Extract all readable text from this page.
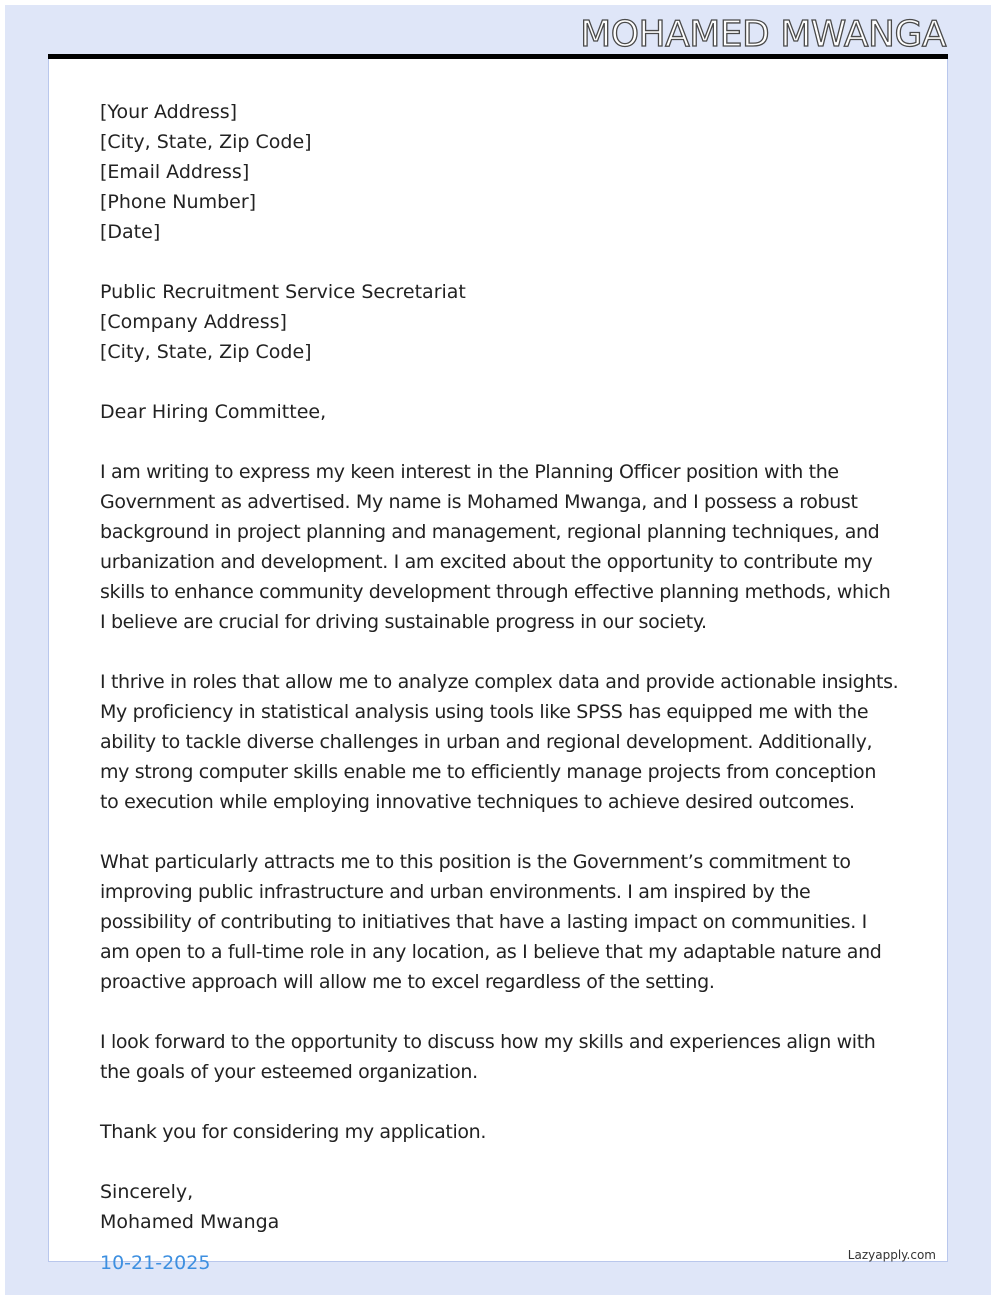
MOHAMED MWANGA
[Your Address]
[City, State, Zip Code]
[Email Address]
[Phone Number]
[Date]
Public Recruitment Service Secretariat
[Company Address]
[City, State, Zip Code]
Dear Hiring Committee,
I am writing to express my keen interest in the Planning Officer position with the Government as advertised. My name is Mohamed Mwanga, and I possess a robust background in project planning and management, regional planning techniques, and urbanization and development. I am excited about the opportunity to contribute my skills to enhance community development through effective planning methods, which I believe are crucial for driving sustainable progress in our society.
I thrive in roles that allow me to analyze complex data and provide actionable insights. My proficiency in statistical analysis using tools like SPSS has equipped me with the ability to tackle diverse challenges in urban and regional development. Additionally, my strong computer skills enable me to efficiently manage projects from conception to execution while employing innovative techniques to achieve desired outcomes.
What particularly attracts me to this position is the Government’s commitment to improving public infrastructure and urban environments. I am inspired by the possibility of contributing to initiatives that have a lasting impact on communities. I am open to a full-time role in any location, as I believe that my adaptable nature and proactive approach will allow me to excel regardless of the setting.
I look forward to the opportunity to discuss how my skills and experiences align with the goals of your esteemed organization.
Thank you for considering my application.
Sincerely,
Mohamed Mwanga
10-21-2025	Lazyapply.com
